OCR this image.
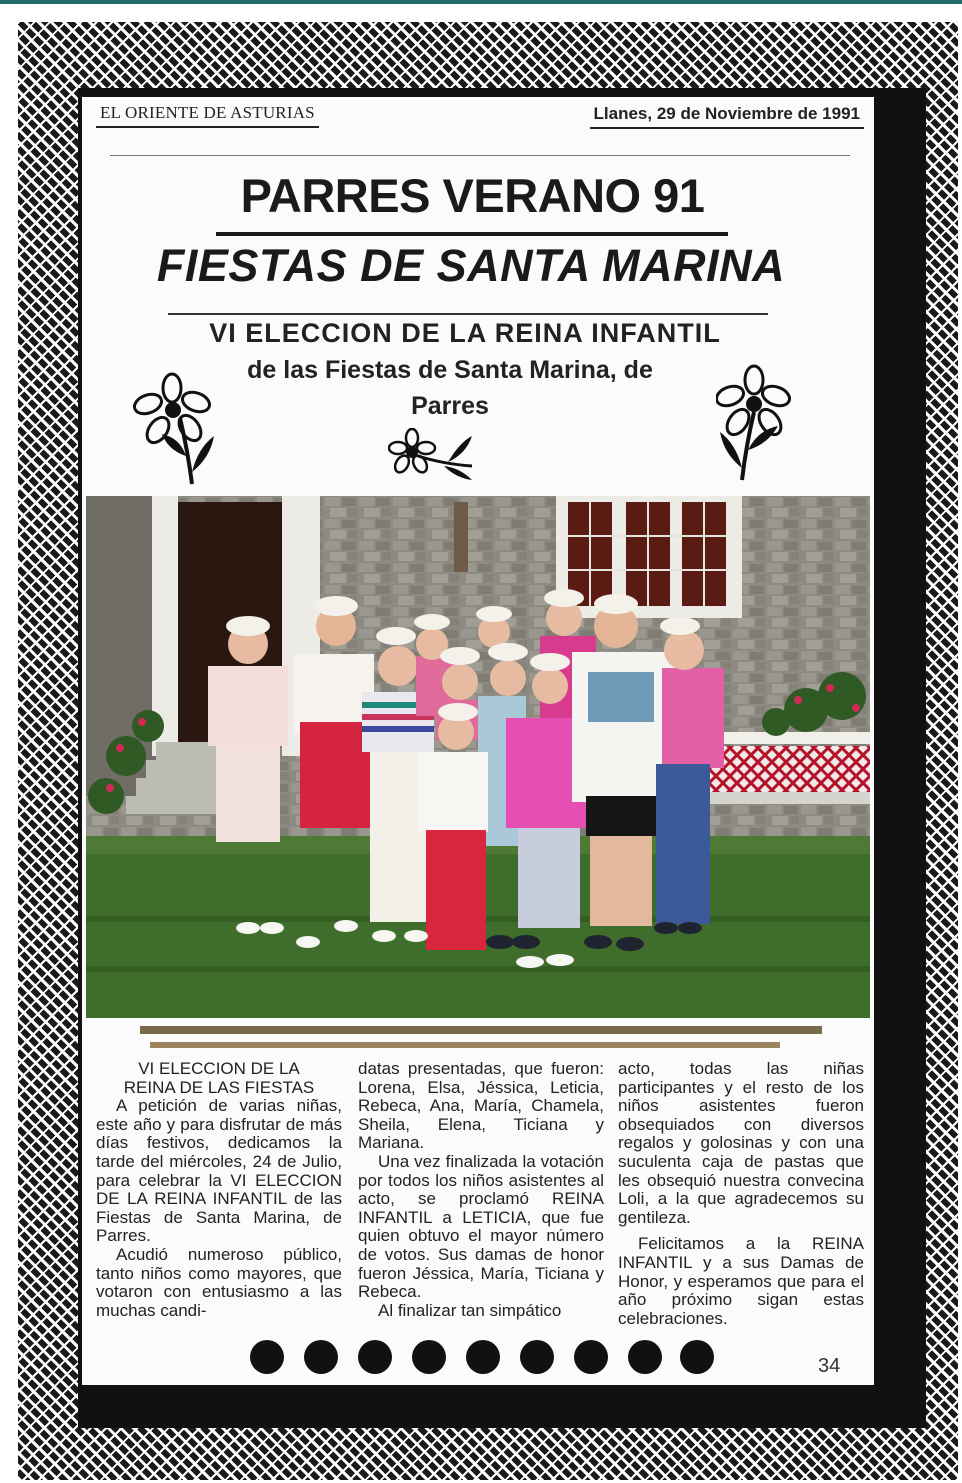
EL ORIENTE DE ASTURIAS	Llanes, 29 de Noviembre de 1991
PARRES VERANO 91
FIESTAS DE SANTA MARINA
VI ELECCION DE LA REINA INFANTIL
de las Fiestas de Santa Marina, de
Parres

VI ELECCION DE LA

REINA DE LAS FIESTAS

A petición de varias niñas, este año y para disfrutar de más días festivos, dedicamos la tarde del miércoles, 24 de Julio, para celebrar la VI ELECCION DE LA REINA INFANTIL de las Fiestas de Santa Marina, de Parres.

Acudió numeroso público, tanto niños como mayores, que votaron con entusiasmo a las muchas candi-

datas presentadas, que fueron: Lorena, Elsa, Jéssica, Leticia, Rebeca, Ana, María, Chamela, Sheila, Elena, Ticiana y Mariana.

Una vez finalizada la votación por todos los niños asistentes al acto, se proclamó REINA INFANTIL a LETICIA, que fue quien obtuvo el mayor número de votos. Sus damas de honor fueron Jéssica, María, Ticiana y Rebeca.

Al finalizar tan simpático

acto, todas las niñas participantes y el resto de los niños asistentes fueron obsequiados con diversos regalos y golosinas y con una suculenta caja de pastas que les obsequió nuestra convecina Loli, a la que agradecemos su gentileza.

Felicitamos a la REINA INFANTIL y a sus Damas de Honor, y esperamos que para el año próximo sigan estas celebraciones.

34
